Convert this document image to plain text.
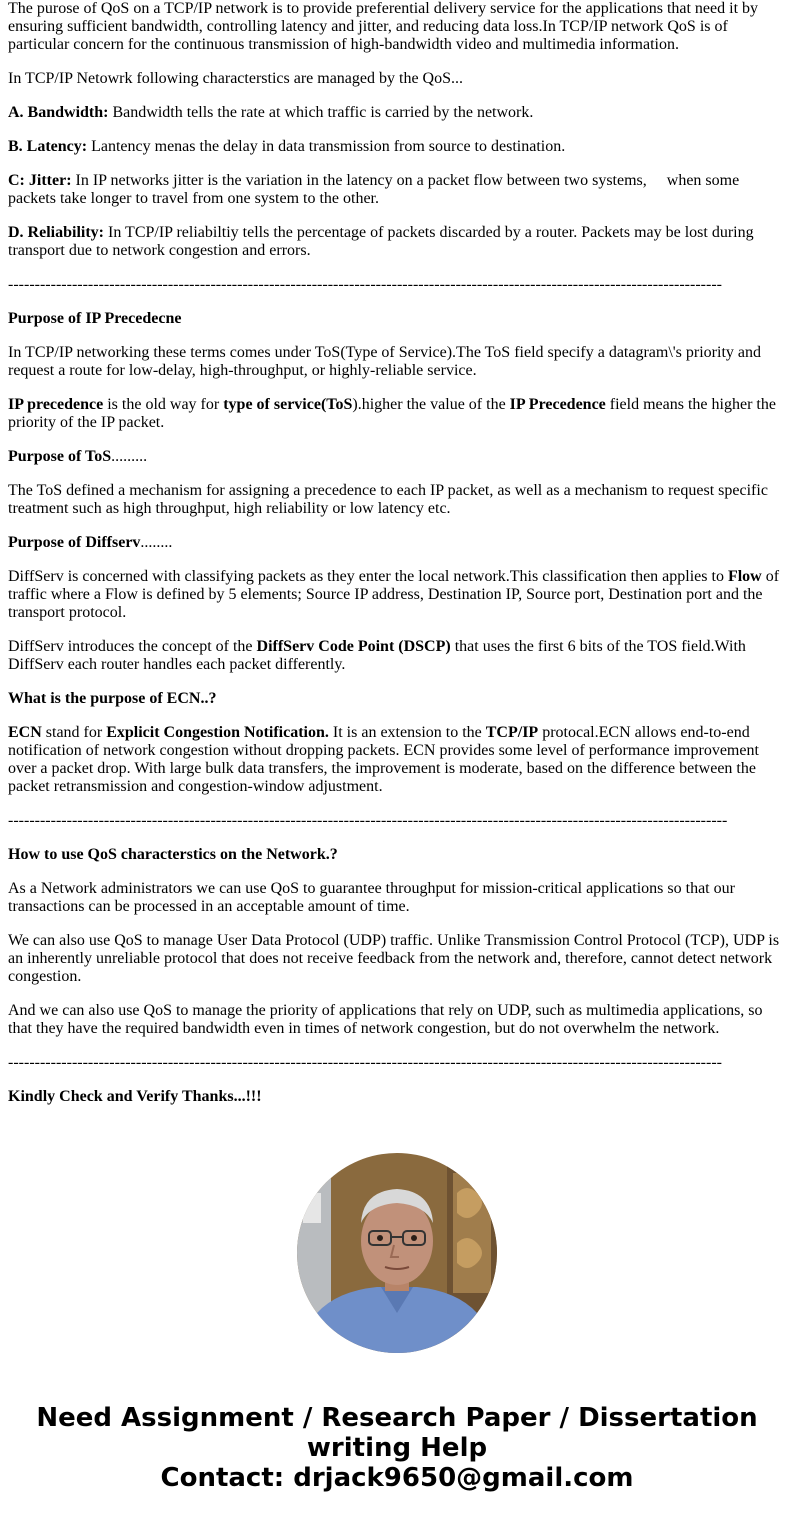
The purose of QoS on a TCP/IP network is to provide preferential delivery service for the applications that need it by ensuring sufficient bandwidth, controlling latency and jitter, and reducing data loss.In TCP/IP network QoS is of particular concern for the continuous transmission of high-bandwidth video and multimedia information.

In TCP/IP Netowrk following characterstics are managed by the QoS...

A. Bandwidth: Bandwidth tells the rate at which traffic is carried by the network.

B. Latency: Lantency menas the delay in data transmission from source to destination.

C: Jitter: In IP networks jitter is the variation in the latency on a packet flow between two systems,     when some packets take longer to travel from one system to the other.

D. Reliability: In TCP/IP reliabiltiy tells the percentage of packets discarded by a router. Packets may be lost during transport due to network congestion and errors.

--------------------------------------------------------------------------------------------------------------------------------------

Purpose of IP Precedecne

In TCP/IP networking these terms comes under ToS(Type of Service).The ToS field specify a datagram\'s priority and request a route for low-delay, high-throughput, or highly-reliable service.

IP precedence is the old way for type of service(ToS).higher the value of the IP Precedence field means the higher the priority of the IP packet.

Purpose of ToS.........

The ToS defined a mechanism for assigning a precedence to each IP packet, as well as a mechanism to request specific treatment such as high throughput, high reliability or low latency etc.

Purpose of Diffserv........

DiffServ is concerned with classifying packets as they enter the local network.This classification then applies to Flow of traffic where a Flow is defined by 5 elements; Source IP address, Destination IP, Source port, Destination port and the transport protocol.

DiffServ introduces the concept of the DiffServ Code Point (DSCP) that uses the first 6 bits of the TOS field.With DiffServ each router handles each packet differently.

What is the purpose of ECN..?

ECN stand for Explicit Congestion Notification. It is an extension to the TCP/IP protocal.ECN allows end-to-end notification of network congestion without dropping packets. ECN provides some level of performance improvement over a packet drop. With large bulk data transfers, the improvement is moderate, based on the difference between the packet retransmission and congestion-window adjustment.

---------------------------------------------------------------------------------------------------------------------------------------

How to use QoS characterstics on the Network.?

As a Network administrators we can use QoS to guarantee throughput for mission-critical applications so that our transactions can be processed in an acceptable amount of time.

We can also use QoS to manage User Data Protocol (UDP) traffic. Unlike Transmission Control Protocol (TCP), UDP is an inherently unreliable protocol that does not receive feedback from the network and, therefore, cannot detect network congestion.

And we can also use QoS to manage the priority of applications that rely on UDP, such as multimedia applications, so that they have the required bandwidth even in times of network congestion, but do not overwhelm the network.

--------------------------------------------------------------------------------------------------------------------------------------

Kindly Check and Verify Thanks...!!!

Need Assignment / Research Paper / Dissertation
writing Help
Contact: drjack9650@gmail.com
